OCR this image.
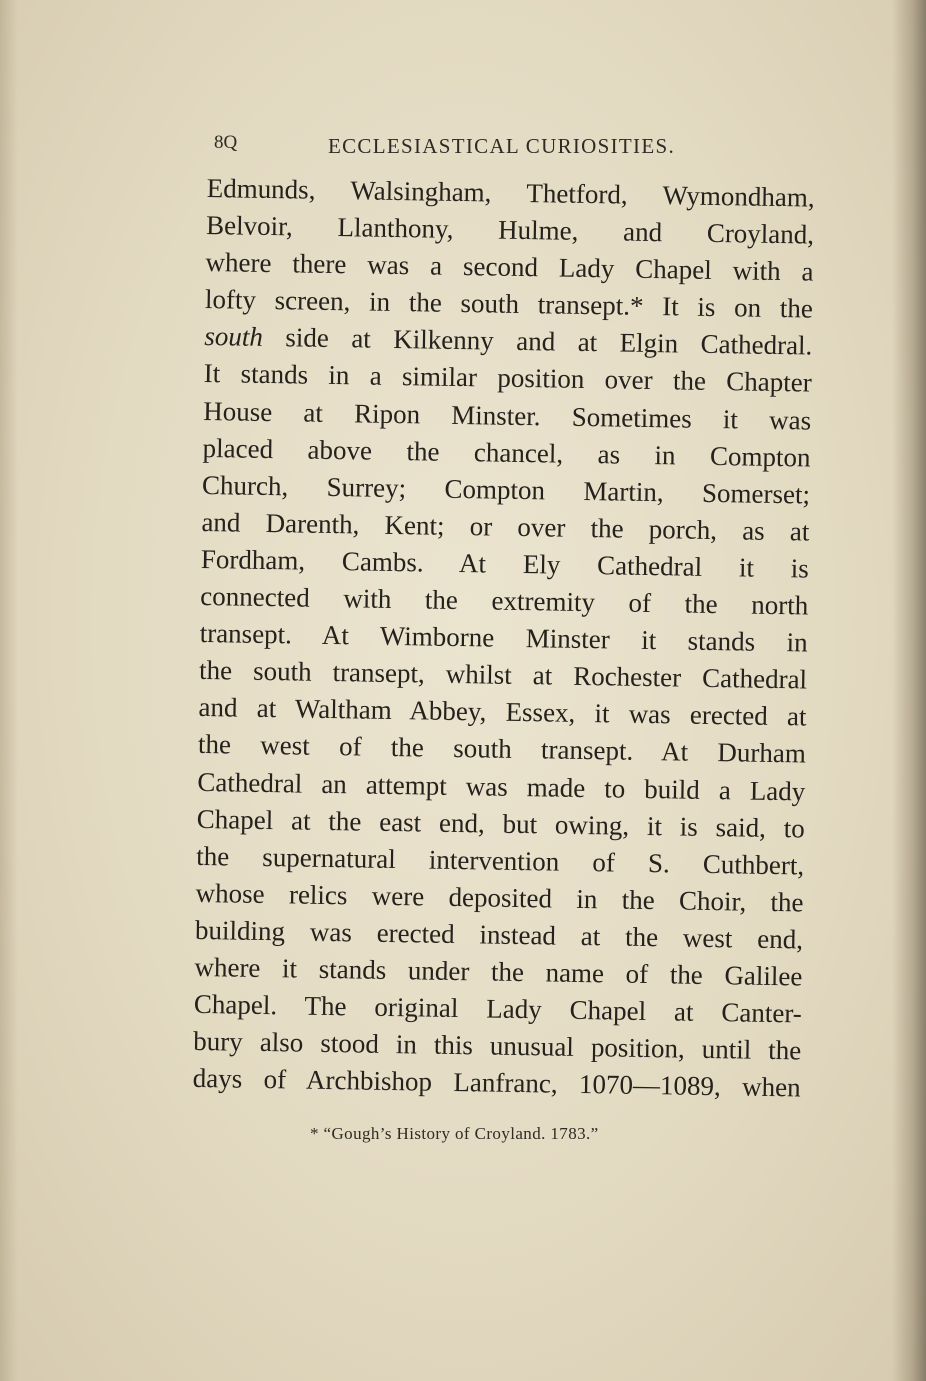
8Q	ECCLESIASTICAL CURIOSITIES.
Edmunds, Walsingham, Thetford, Wymondham,
Belvoir, Llanthony, Hulme, and Croyland,
where there was a second Lady Chapel with a
lofty screen, in the south transept.* It is on the
south side at Kilkenny and at Elgin Cathedral.
It stands in a similar position over the Chapter
House at Ripon Minster. Sometimes it was
placed above the chancel, as in Compton
Church, Surrey; Compton Martin, Somerset;
and Darenth, Kent; or over the porch, as at
Fordham, Cambs. At Ely Cathedral it is
connected with the extremity of the north
transept. At Wimborne Minster it stands in
the south transept, whilst at Rochester Cathedral
and at Waltham Abbey, Essex, it was erected at
the west of the south transept. At Durham
Cathedral an attempt was made to build a Lady
Chapel at the east end, but owing, it is said, to
the supernatural intervention of S. Cuthbert,
whose relics were deposited in the Choir, the
building was erected instead at the west end,
where it stands under the name of the Galilee
Chapel. The original Lady Chapel at Canter-
bury also stood in this unusual position, until the
days of Archbishop Lanfranc, 1070—1089, when
* “Gough’s History of Croyland. 1783.”
